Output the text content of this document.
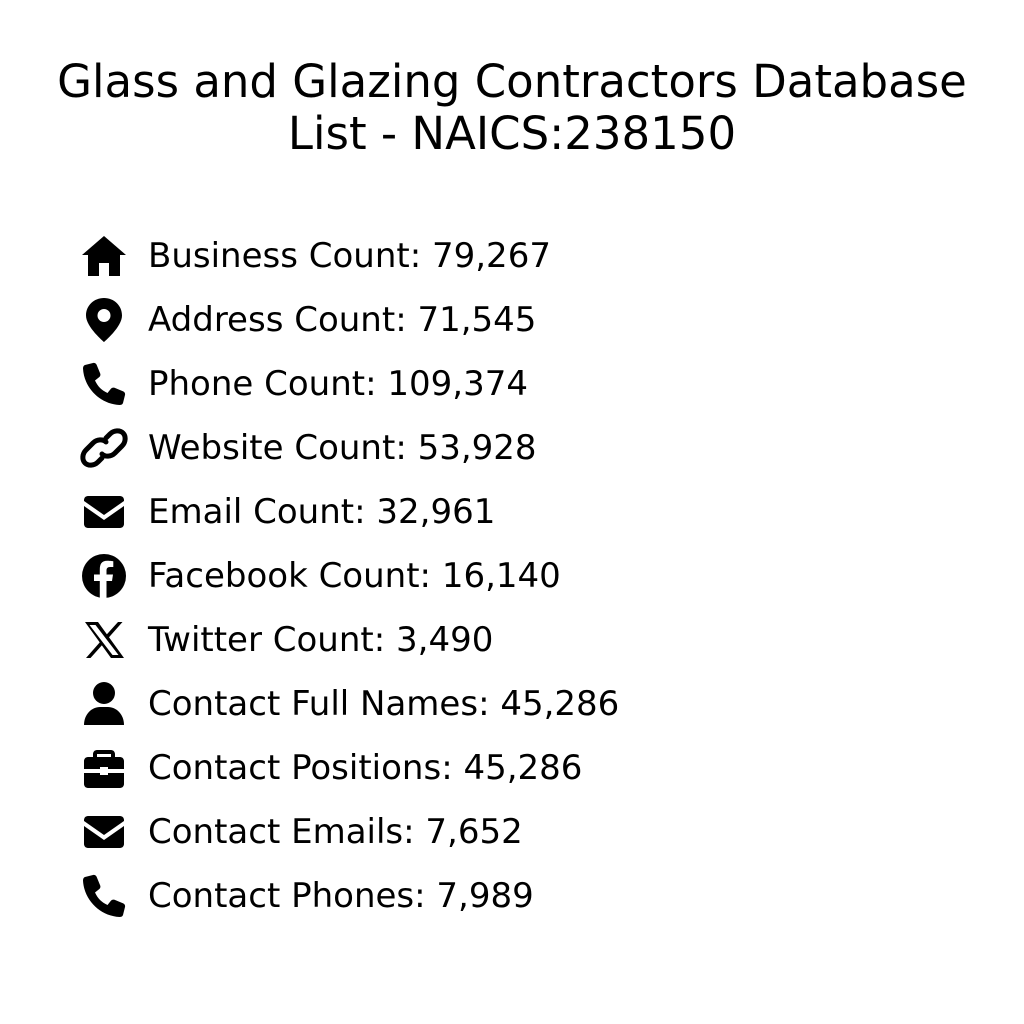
Glass and Glazing Contractors Database
List - NAICS:238150
Business Count: 79,267
Address Count: 71,545
Phone Count: 109,374
Website Count: 53,928
Email Count: 32,961
Facebook Count: 16,140
Twitter Count: 3,490
Contact Full Names: 45,286
Contact Positions: 45,286
Contact Emails: 7,652
Contact Phones: 7,989
